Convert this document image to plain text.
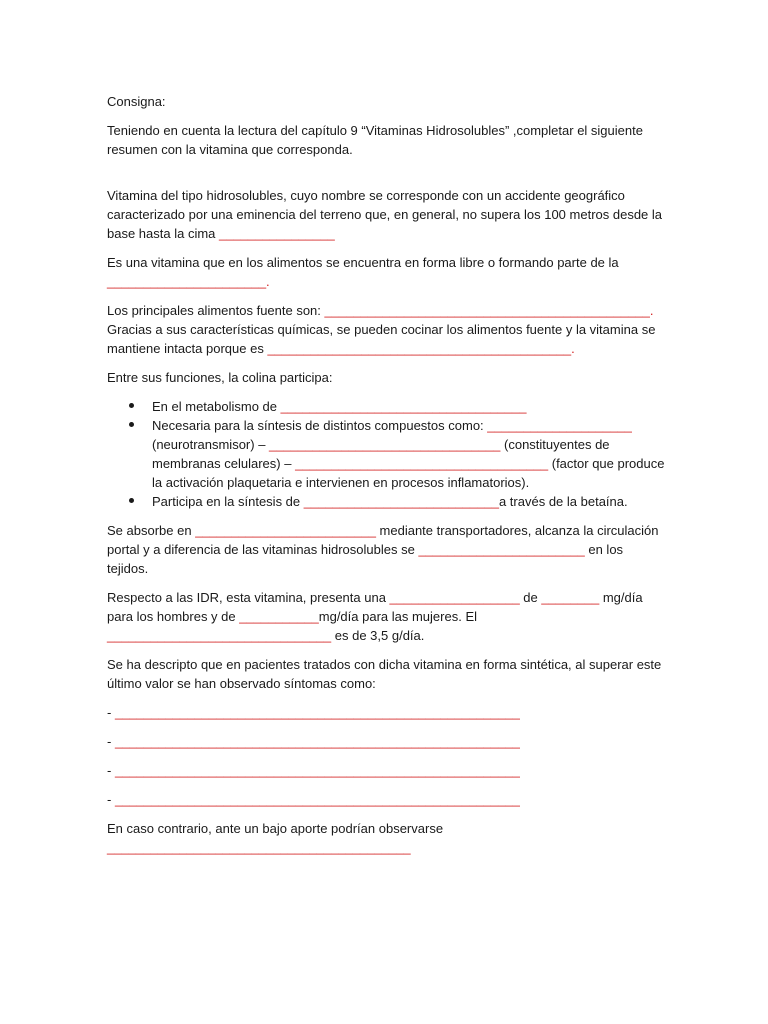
Consigna:

Teniendo en cuenta la lectura del capítulo 9 “Vitaminas Hidrosolubles” ,completar el siguiente resumen con la vitamina que corresponda.

Vitamina del tipo hidrosolubles, cuyo nombre se corresponde con un accidente geográfico caracterizado por una eminencia del terreno que, en general, no supera los 100 metros desde la base hasta la cima ________________

Es una vitamina que en los alimentos se encuentra en forma libre o formando parte de la ______________________.

Los principales alimentos fuente son: _____________________________________________.
Gracias a sus características químicas, se pueden cocinar los alimentos fuente y la vitamina se mantiene intacta porque es __________________________________________.

Entre sus funciones, la colina participa:

En el metabolismo de __________________________________
Necesaria para la síntesis de distintos compuestos como: ____________________ (neurotransmisor) – ________________________________ (constituyentes de membranas celulares) – ___________________________________ (factor que produce la activación plaquetaria e intervienen en procesos inflamatorios).
Participa en la síntesis de ___________________________a través de la betaína.

Se absorbe en _________________________ mediante transportadores, alcanza la circulación portal y a diferencia de las vitaminas hidrosolubles se _______________________ en los tejidos.

Respecto a las IDR, esta vitamina, presenta una __________________ de ________ mg/día para los hombres y de ___________mg/día para las mujeres. El _______________________________ es de 3,5 g/día.

Se ha descripto que en pacientes tratados con dicha vitamina en forma sintética, al superar este último valor se han observado síntomas como:

- ________________________________________________________
- ________________________________________________________
- ________________________________________________________
- ________________________________________________________

En caso contrario, ante un bajo aporte podrían observarse
__________________________________________
